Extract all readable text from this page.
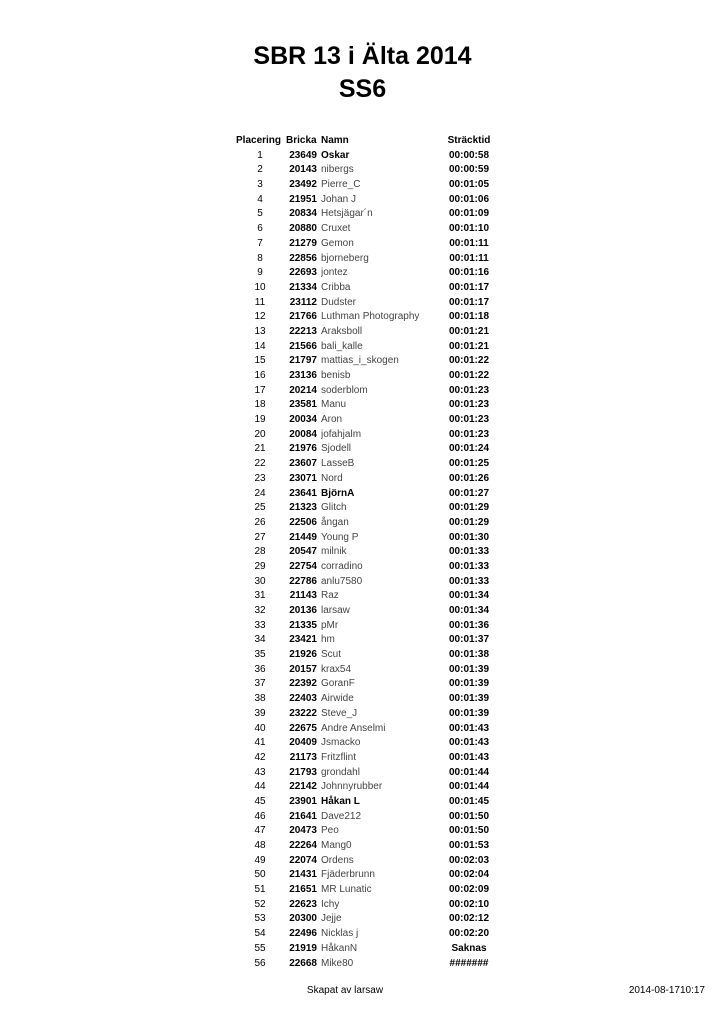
SBR 13 i Älta 2014
SS6
Placering Bricka Namn	Sträcktid
1	23649 Oskar	00:00:58
2	20143 nibergs	00:00:59
3	23492 Pierre_C	00:01:05
4	21951 Johan J	00:01:06
5	20834 Hetsjägar´n	00:01:09
6	20880 Cruxet	00:01:10
7	21279 Gemon	00:01:11
8	22856 bjorneberg	00:01:11
9	22693 jontez	00:01:16
10	21334 Cribba	00:01:17
11	23112 Dudster	00:01:17
12	21766 Luthman Photography	00:01:18
13	22213 Araksboll	00:01:21
14	21566 bali_kalle	00:01:21
15	21797 mattias_i_skogen	00:01:22
16	23136 benisb	00:01:22
17	20214 soderblom	00:01:23
18	23581 Manu	00:01:23
19	20034 Aron	00:01:23
20	20084 jofahjalm	00:01:23
21	21976 Sjodell	00:01:24
22	23607 LasseB	00:01:25
23	23071 Nord	00:01:26
24	23641 BjörnA	00:01:27
25	21323 Glitch	00:01:29
26	22506 ångan	00:01:29
27	21449 Young P	00:01:30
28	20547 milnik	00:01:33
29	22754 corradino	00:01:33
30	22786 anlu7580	00:01:33
31	21143 Raz	00:01:34
32	20136 larsaw	00:01:34
33	21335 pMr	00:01:36
34	23421 hm	00:01:37
35	21926 Scut	00:01:38
36	20157 krax54	00:01:39
37	22392 GoranF	00:01:39
38	22403 Airwide	00:01:39
39	23222 Steve_J	00:01:39
40	22675 Andre Anselmi	00:01:43
41	20409 Jsmacko	00:01:43
42	21173 Fritzflint	00:01:43
43	21793 grondahl	00:01:44
44	22142 Johnnyrubber	00:01:44
45	23901 Håkan L	00:01:45
46	21641 Dave212	00:01:50
47	20473 Peo	00:01:50
48	22264 Mang0	00:01:53
49	22074 Ordens	00:02:03
50	21431 Fjäderbrunn	00:02:04
51	21651 MR Lunatic	00:02:09
52	22623 Ichy	00:02:10
53	20300 Jejje	00:02:12
54	22496 Nicklas j	00:02:20
55	21919 HåkanN	Saknas
56	22668 Mike80	#######
Skapat av larsaw	2014-08-1710:17
